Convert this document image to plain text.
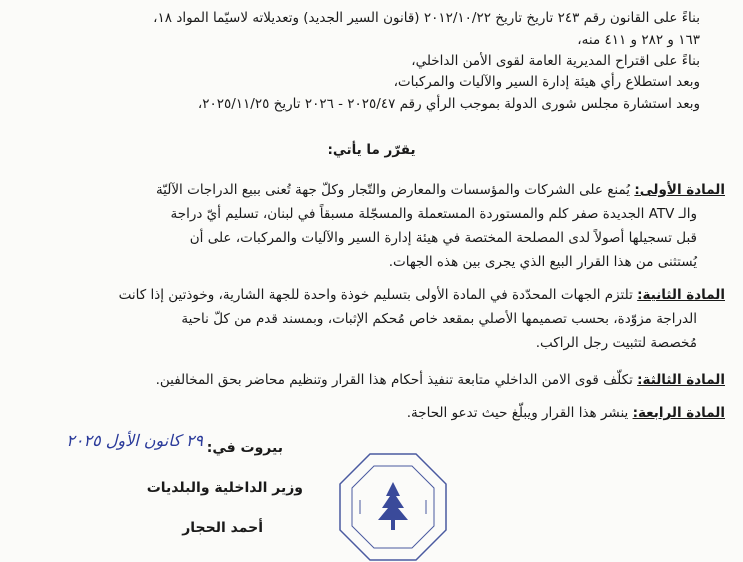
بناءً على القانون رقم ٢٤٣ تاريخ تاريخ ٢٠١٢/١٠/٢٢ (قانون السير الجديد) وتعديلاته لاسيّما المواد ١٨،
١٦٣ و ٢٨٢ و ٤١١ منه،
بناءً على اقتراح المديرية العامة لقوى الأمن الداخلي،
وبعد استطلاع رأي هيئة إدارة السير والآليات والمركبات،
وبعد استشارة مجلس شورى الدولة بموجب الرأي رقم ٢٠٢٥/٤٧ - ٢٠٢٦ تاريخ ٢٠٢٥/١١/٢٥،
يقرّر ما يأتي:
المادة الأولى: يُمنع على الشركات والمؤسسات والمعارض والتّجار وكلّ جهة تُعنى ببيع الدراجات الآليّة
والـ ATV الجديدة صفر كلم والمستوردة المستعملة والمسجّلة مسبقاً في لبنان، تسليم أيّ دراجة
قبل تسجيلها أصولاً لدى المصلحة المختصة في هيئة إدارة السير والآليات والمركبات، على أن
يُستثنى من هذا القرار البيع الذي يجرى بين هذه الجهات.
المادة الثانية: تلتزم الجهات المحدّدة في المادة الأولى بتسليم خوذة واحدة للجهة الشارية، وخوذتين إذا كانت
الدراجة مزوّدة، بحسب تصميمها الأصلي بمقعد خاص مُحكم الإثبات، وبمسند قدم من كلّ ناحية
مُخصصة لتثبيت رجل الراكب.
المادة الثالثة: تكلّف قوى الامن الداخلي متابعة تنفيذ أحكام هذا القرار وتنظيم محاضر بحق المخالفين.
المادة الرابعة: ينشر هذا القرار ويبلّغ حيث تدعو الحاجة.
بيروت في:
٢٩ كانون الأول ٢٠٢٥
وزير الداخلية والبلديات
أحمد الحجار
